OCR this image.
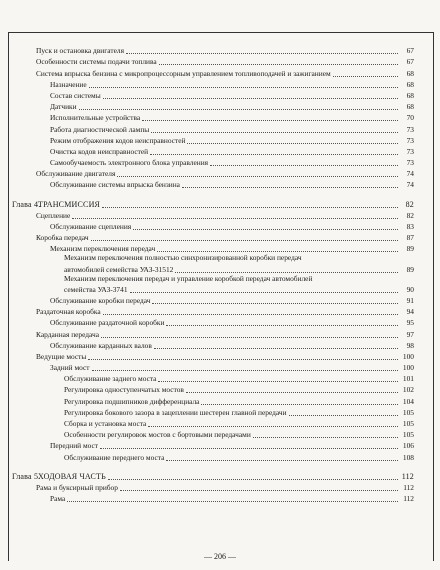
Пуск и остановка двигателя	67
Особенности системы подачи топлива	67
Система впрыска бензина с микропроцессорным управлением топливоподачей и зажиганием	68
Назначение	68
Состав системы	68
Датчики	68
Исполнительные устройства	70
Работа диагностической лампы	73
Режим отображения кодов неисправностей	73
Очистка кодов неисправностей	73
Самообучаемость электронного блока управления	73
Обслуживание двигателя	74
Обслуживание системы впрыска бензина	74
Глава 4.ТРАНСМИССИЯ	82
Сцепление	82
Обслуживание сцепления	83
Коробка передач	87
Механизм переключения передач	89
Механизм переключения полностью синхронизированной коробки передач
автомобилей семейства УАЗ-31512	89
Механизм переключения передач и управление коробкой передач автомобилей
семейства УАЗ-3741	90
Обслуживание коробки передач	91
Раздаточная коробка	94
Обслуживание раздаточной коробки	95
Карданная передача	97
Обслуживание карданных валов	98
Ведущие мосты	100
Задний мост	100
Обслуживание заднего моста	101
Регулировка одноступенчатых мостов	102
Регулировка подшипников дифференциала	104
Регулировка бокового зазора в зацеплении шестерен главной передачи	105
Сборка и установка моста	105
Особенности регулировок мостов с бортовыми передачами	105
Передний мост	106
Обслуживание переднего моста	108
Глава 5.ХОДОВАЯ ЧАСТЬ	112
Рама и буксирный прибор	112
Рама	112
— 206 —
